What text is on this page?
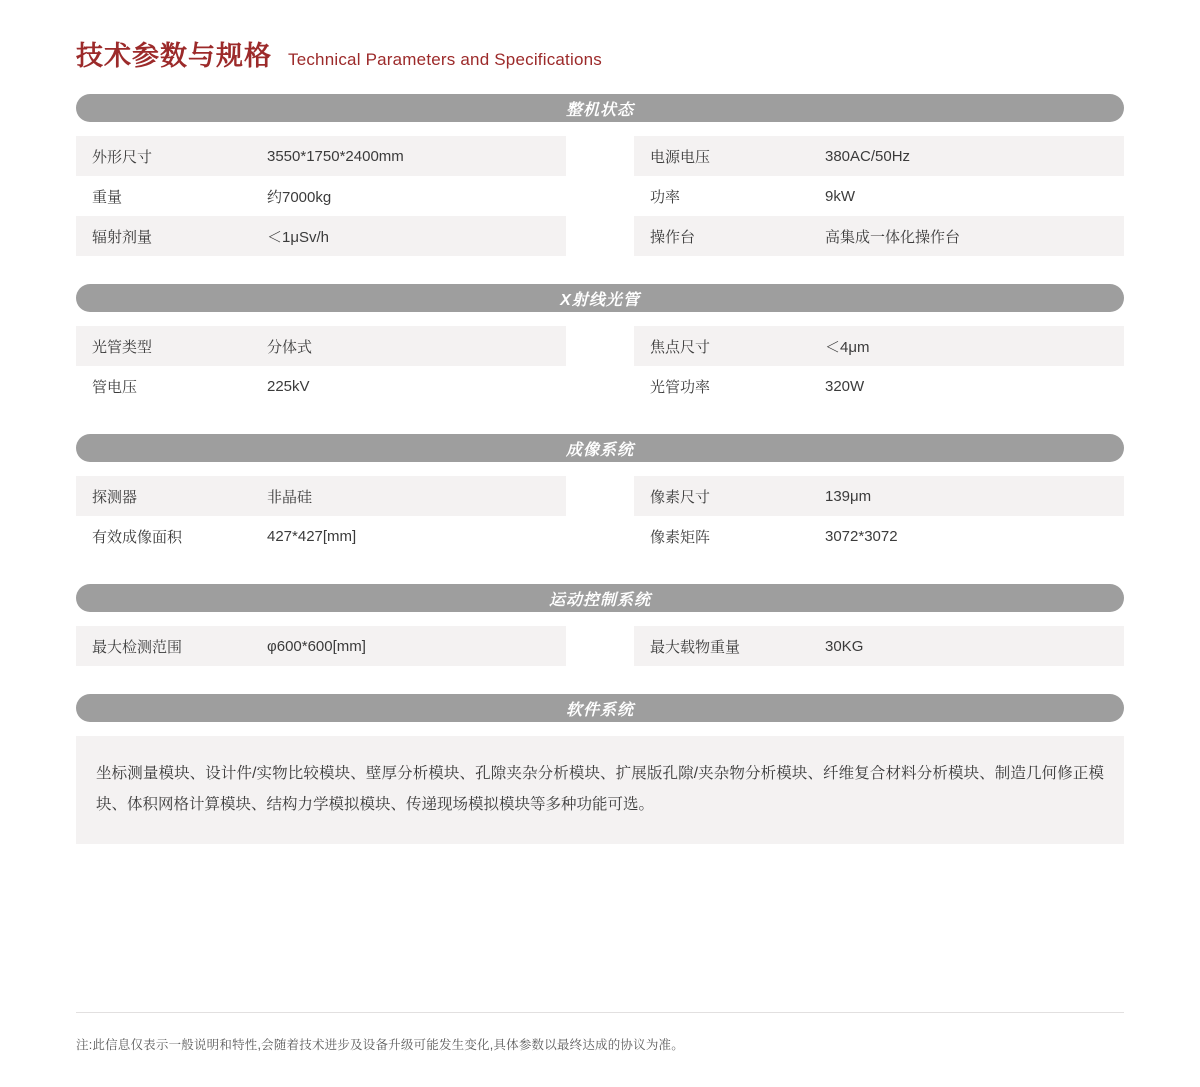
技术参数与规格 Technical Parameters and Specifications
整机状态
外形尺寸	3550*1750*2400mm	电源电压	380AC/50Hz
重量	约7000kg	功率	9kW
辐射剂量	＜1μSv/h	操作台	高集成一体化操作台
X射线光管
光管类型	分体式	焦点尺寸	＜4μm
管电压	225kV	光管功率	320W
成像系统
探测器	非晶硅	像素尺寸	139μm
有效成像面积	427*427[mm]	像素矩阵	3072*3072
运动控制系统
最大检测范围	φ600*600[mm]	最大载物重量	30KG
软件系统
坐标测量模块、设计件/实物比较模块、壁厚分析模块、孔隙夹杂分析模块、扩展版孔隙/夹杂物分析模块、纤维复合材料分析模块、制造几何修正模块、体积网格计算模块、结构力学模拟模块、传递现场模拟模块等多种功能可选。
注:此信息仅表示一般说明和特性,会随着技术进步及设备升级可能发生变化,具体参数以最终达成的协议为准。
